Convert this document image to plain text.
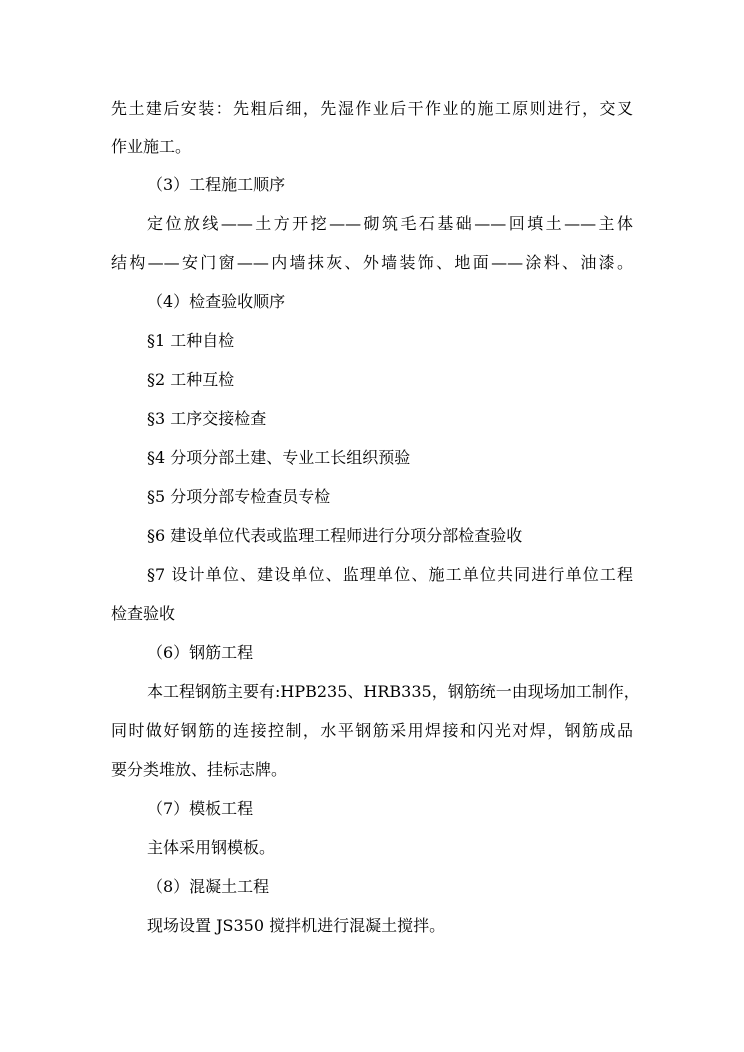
先土建后安装：先粗后细，先湿作业后干作业的施工原则进行，交叉
作业施工。
（3）工程施工顺序
定位放线——土方开挖——砌筑毛石基础——回填土——主体
结构——安门窗——内墙抹灰、外墙装饰、地面——涂料、油漆。
（4）检查验收顺序
§1 工种自检
§2 工种互检
§3 工序交接检查
§4 分项分部土建、专业工长组织预验
§5 分项分部专检查员专检
§6 建设单位代表或监理工程师进行分项分部检查验收
§7 设计单位、建设单位、监理单位、施工单位共同进行单位工程
检查验收
（6）钢筋工程
本工程钢筋主要有:HPB235、HRB335，钢筋统一由现场加工制作，
同时做好钢筋的连接控制，水平钢筋采用焊接和闪光对焊，钢筋成品
要分类堆放、挂标志牌。
（7）模板工程
主体采用钢模板。
（8）混凝土工程
现场设置 JS350 搅拌机进行混凝土搅拌。
